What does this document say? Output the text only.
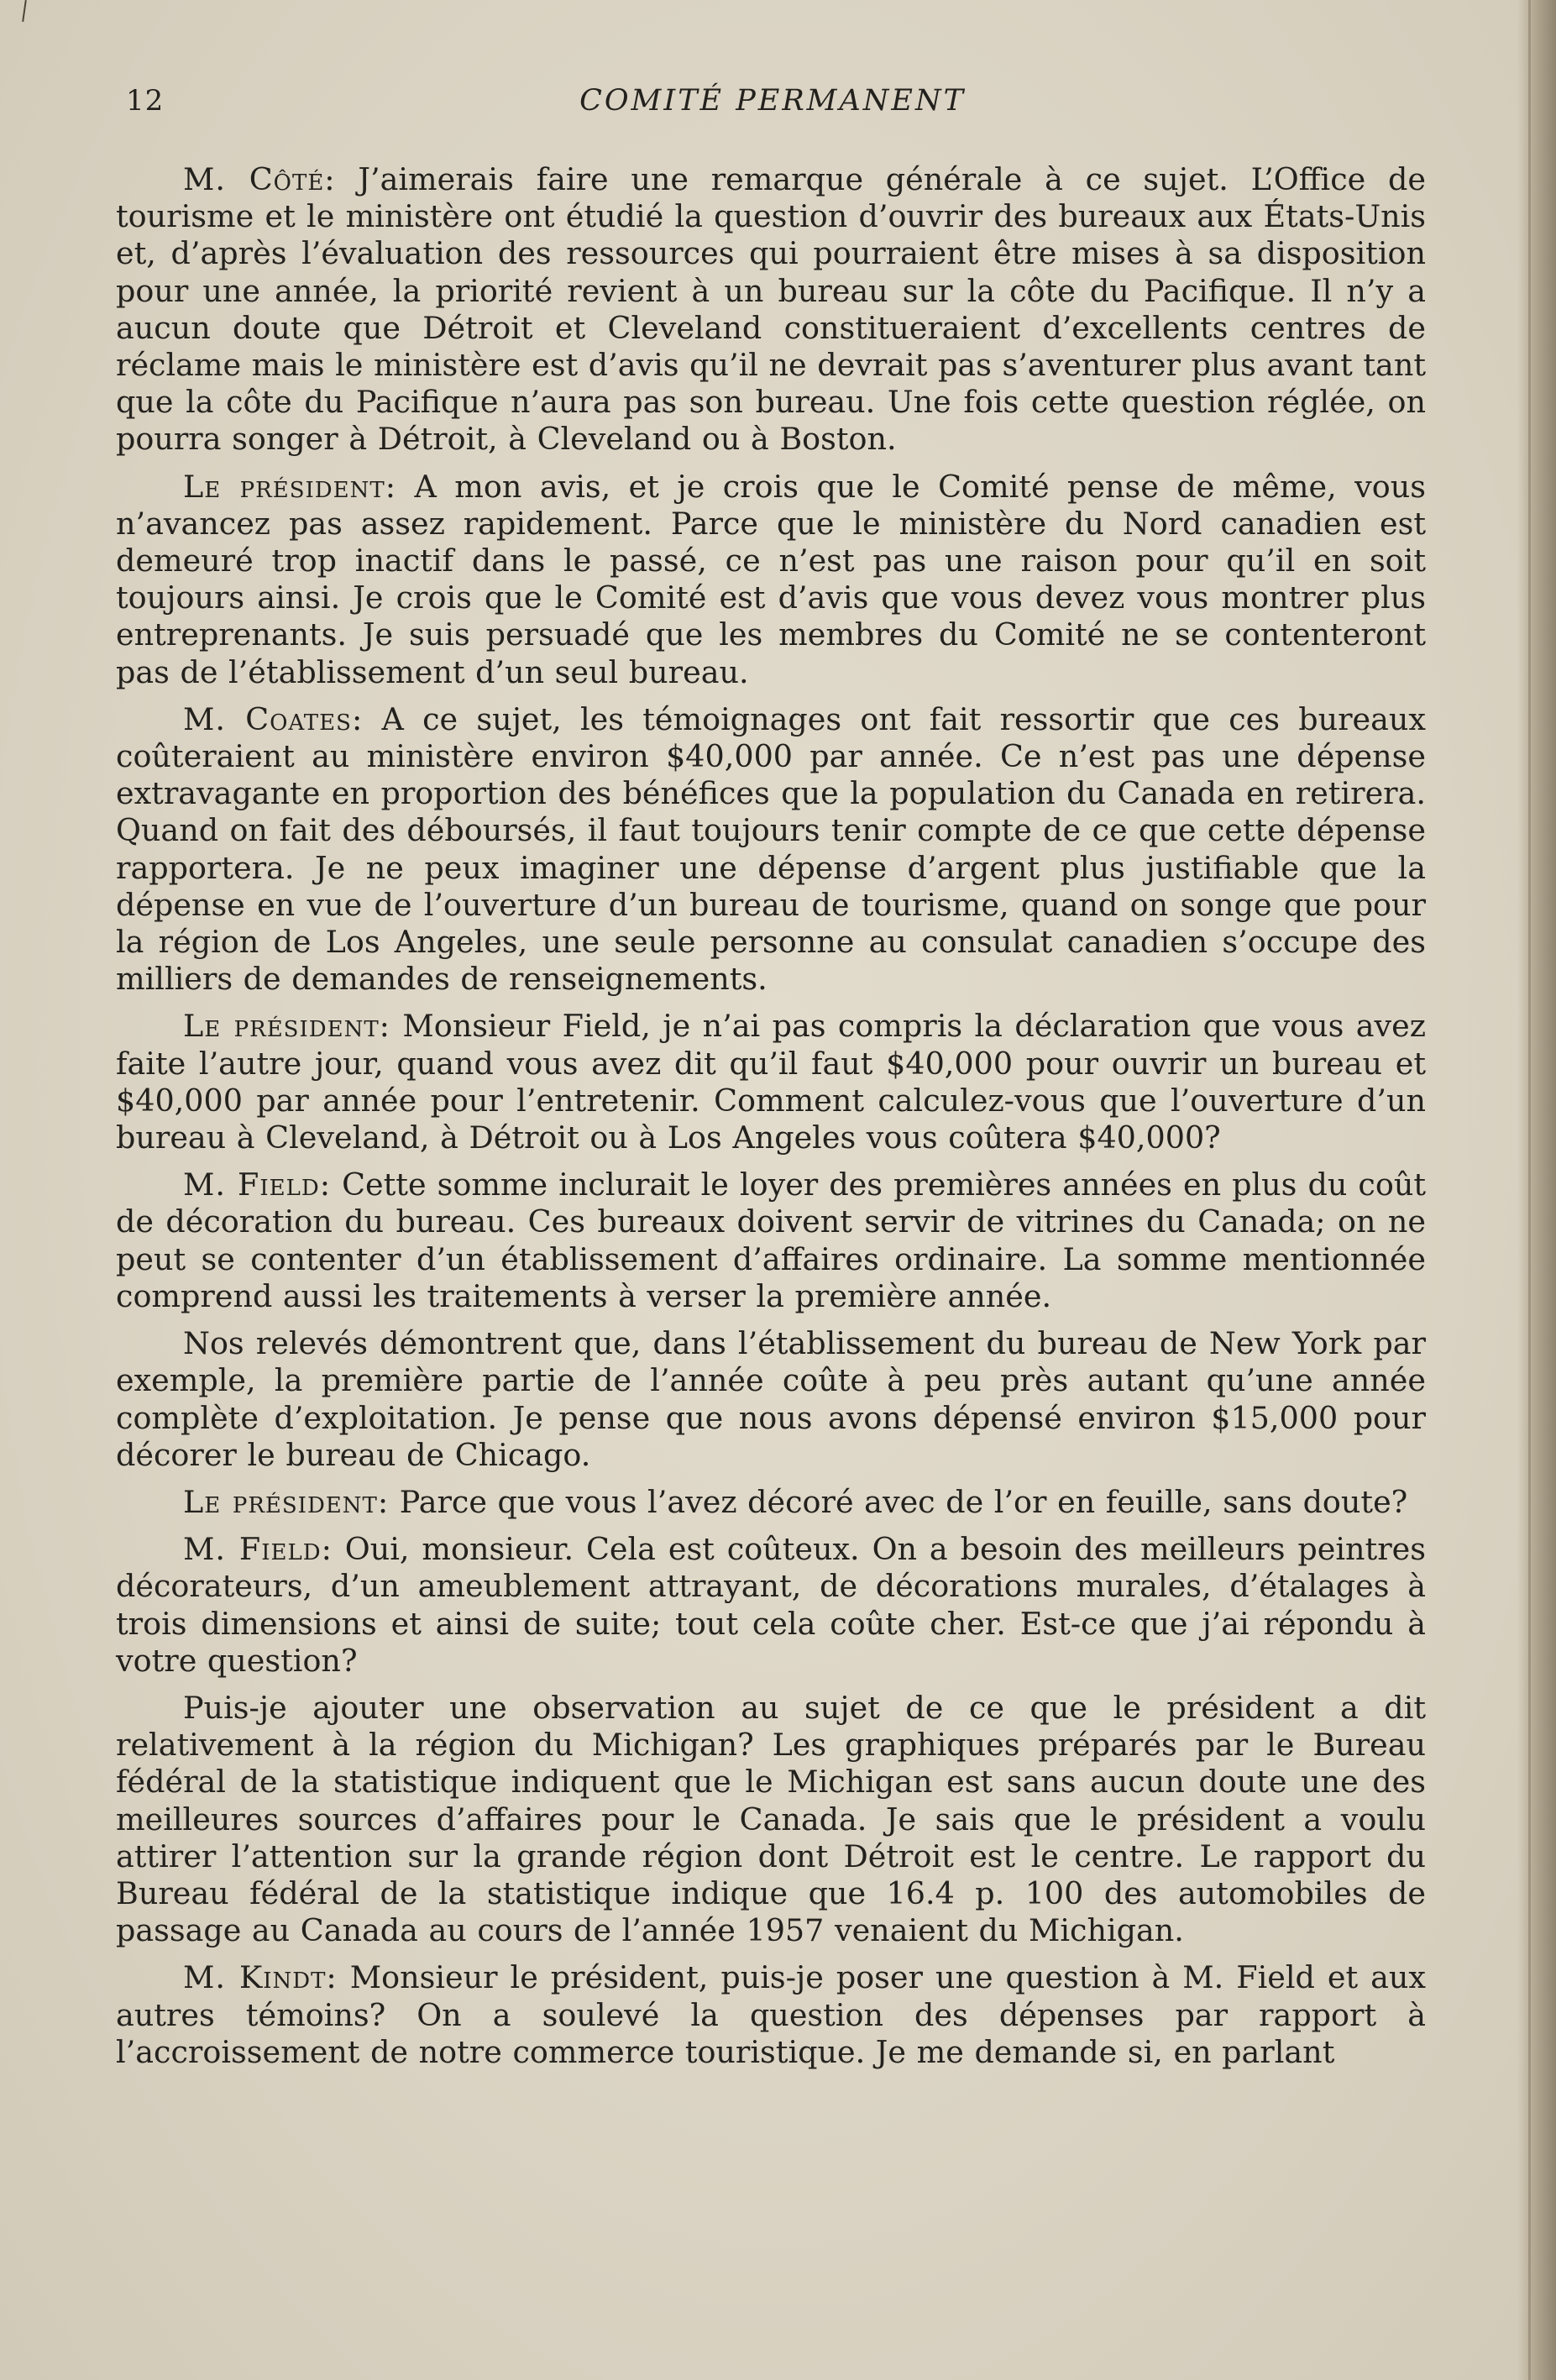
12	COMITÉ PERMANENT

M. Côté: J’aimerais faire une remarque générale à ce sujet. L’Office de tourisme et le ministère ont étudié la question d’ouvrir des bureaux aux États-Unis et, d’après l’évaluation des ressources qui pourraient être mises à sa disposition pour une année, la priorité revient à un bureau sur la côte du Pacifique. Il n’y a aucun doute que Détroit et Cleveland constitueraient d’excellents centres de réclame mais le ministère est d’avis qu’il ne devrait pas s’aventurer plus avant tant que la côte du Pacifique n’aura pas son bureau. Une fois cette question réglée, on pourra songer à Détroit, à Cleveland ou à Boston.

Le président: A mon avis, et je crois que le Comité pense de même, vous n’avancez pas assez rapidement. Parce que le ministère du Nord canadien est demeuré trop inactif dans le passé, ce n’est pas une raison pour qu’il en soit toujours ainsi. Je crois que le Comité est d’avis que vous devez vous montrer plus entreprenants. Je suis persuadé que les membres du Comité ne se contenteront pas de l’établissement d’un seul bureau.

M. Coates: A ce sujet, les témoignages ont fait ressortir que ces bureaux coûteraient au ministère environ $40,000 par année. Ce n’est pas une dépense extravagante en proportion des bénéfices que la population du Canada en retirera. Quand on fait des déboursés, il faut toujours tenir compte de ce que cette dépense rapportera. Je ne peux imaginer une dépense d’argent plus justifiable que la dépense en vue de l’ouverture d’un bureau de tourisme, quand on songe que pour la région de Los Angeles, une seule personne au consulat canadien s’occupe des milliers de demandes de renseignements.

Le président: Monsieur Field, je n’ai pas compris la déclaration que vous avez faite l’autre jour, quand vous avez dit qu’il faut $40,000 pour ouvrir un bureau et $40,000 par année pour l’entretenir. Comment calculez-vous que l’ouverture d’un bureau à Cleveland, à Détroit ou à Los Angeles vous coûtera $40,000?

M. Field: Cette somme inclurait le loyer des premières années en plus du coût de décoration du bureau. Ces bureaux doivent servir de vitrines du Canada; on ne peut se contenter d’un établissement d’affaires ordinaire. La somme mentionnée comprend aussi les traitements à verser la première année.

Nos relevés démontrent que, dans l’établissement du bureau de New York par exemple, la première partie de l’année coûte à peu près autant qu’une année complète d’exploitation. Je pense que nous avons dépensé environ $15,000 pour décorer le bureau de Chicago.

Le président: Parce que vous l’avez décoré avec de l’or en feuille, sans doute?

M. Field: Oui, monsieur. Cela est coûteux. On a besoin des meilleurs peintres décorateurs, d’un ameublement attrayant, de décorations murales, d’étalages à trois dimensions et ainsi de suite; tout cela coûte cher. Est-ce que j’ai répondu à votre question?

Puis-je ajouter une observation au sujet de ce que le président a dit relativement à la région du Michigan? Les graphiques préparés par le Bureau fédéral de la statistique indiquent que le Michigan est sans aucun doute une des meilleures sources d’affaires pour le Canada. Je sais que le président a voulu attirer l’attention sur la grande région dont Détroit est le centre. Le rapport du Bureau fédéral de la statistique indique que 16.4 p. 100 des automobiles de passage au Canada au cours de l’année 1957 venaient du Michigan.

M. Kindt: Monsieur le président, puis-je poser une question à M. Field et aux autres témoins? On a soulevé la question des dépenses par rapport à l’accroissement de notre commerce touristique. Je me demande si, en parlant
